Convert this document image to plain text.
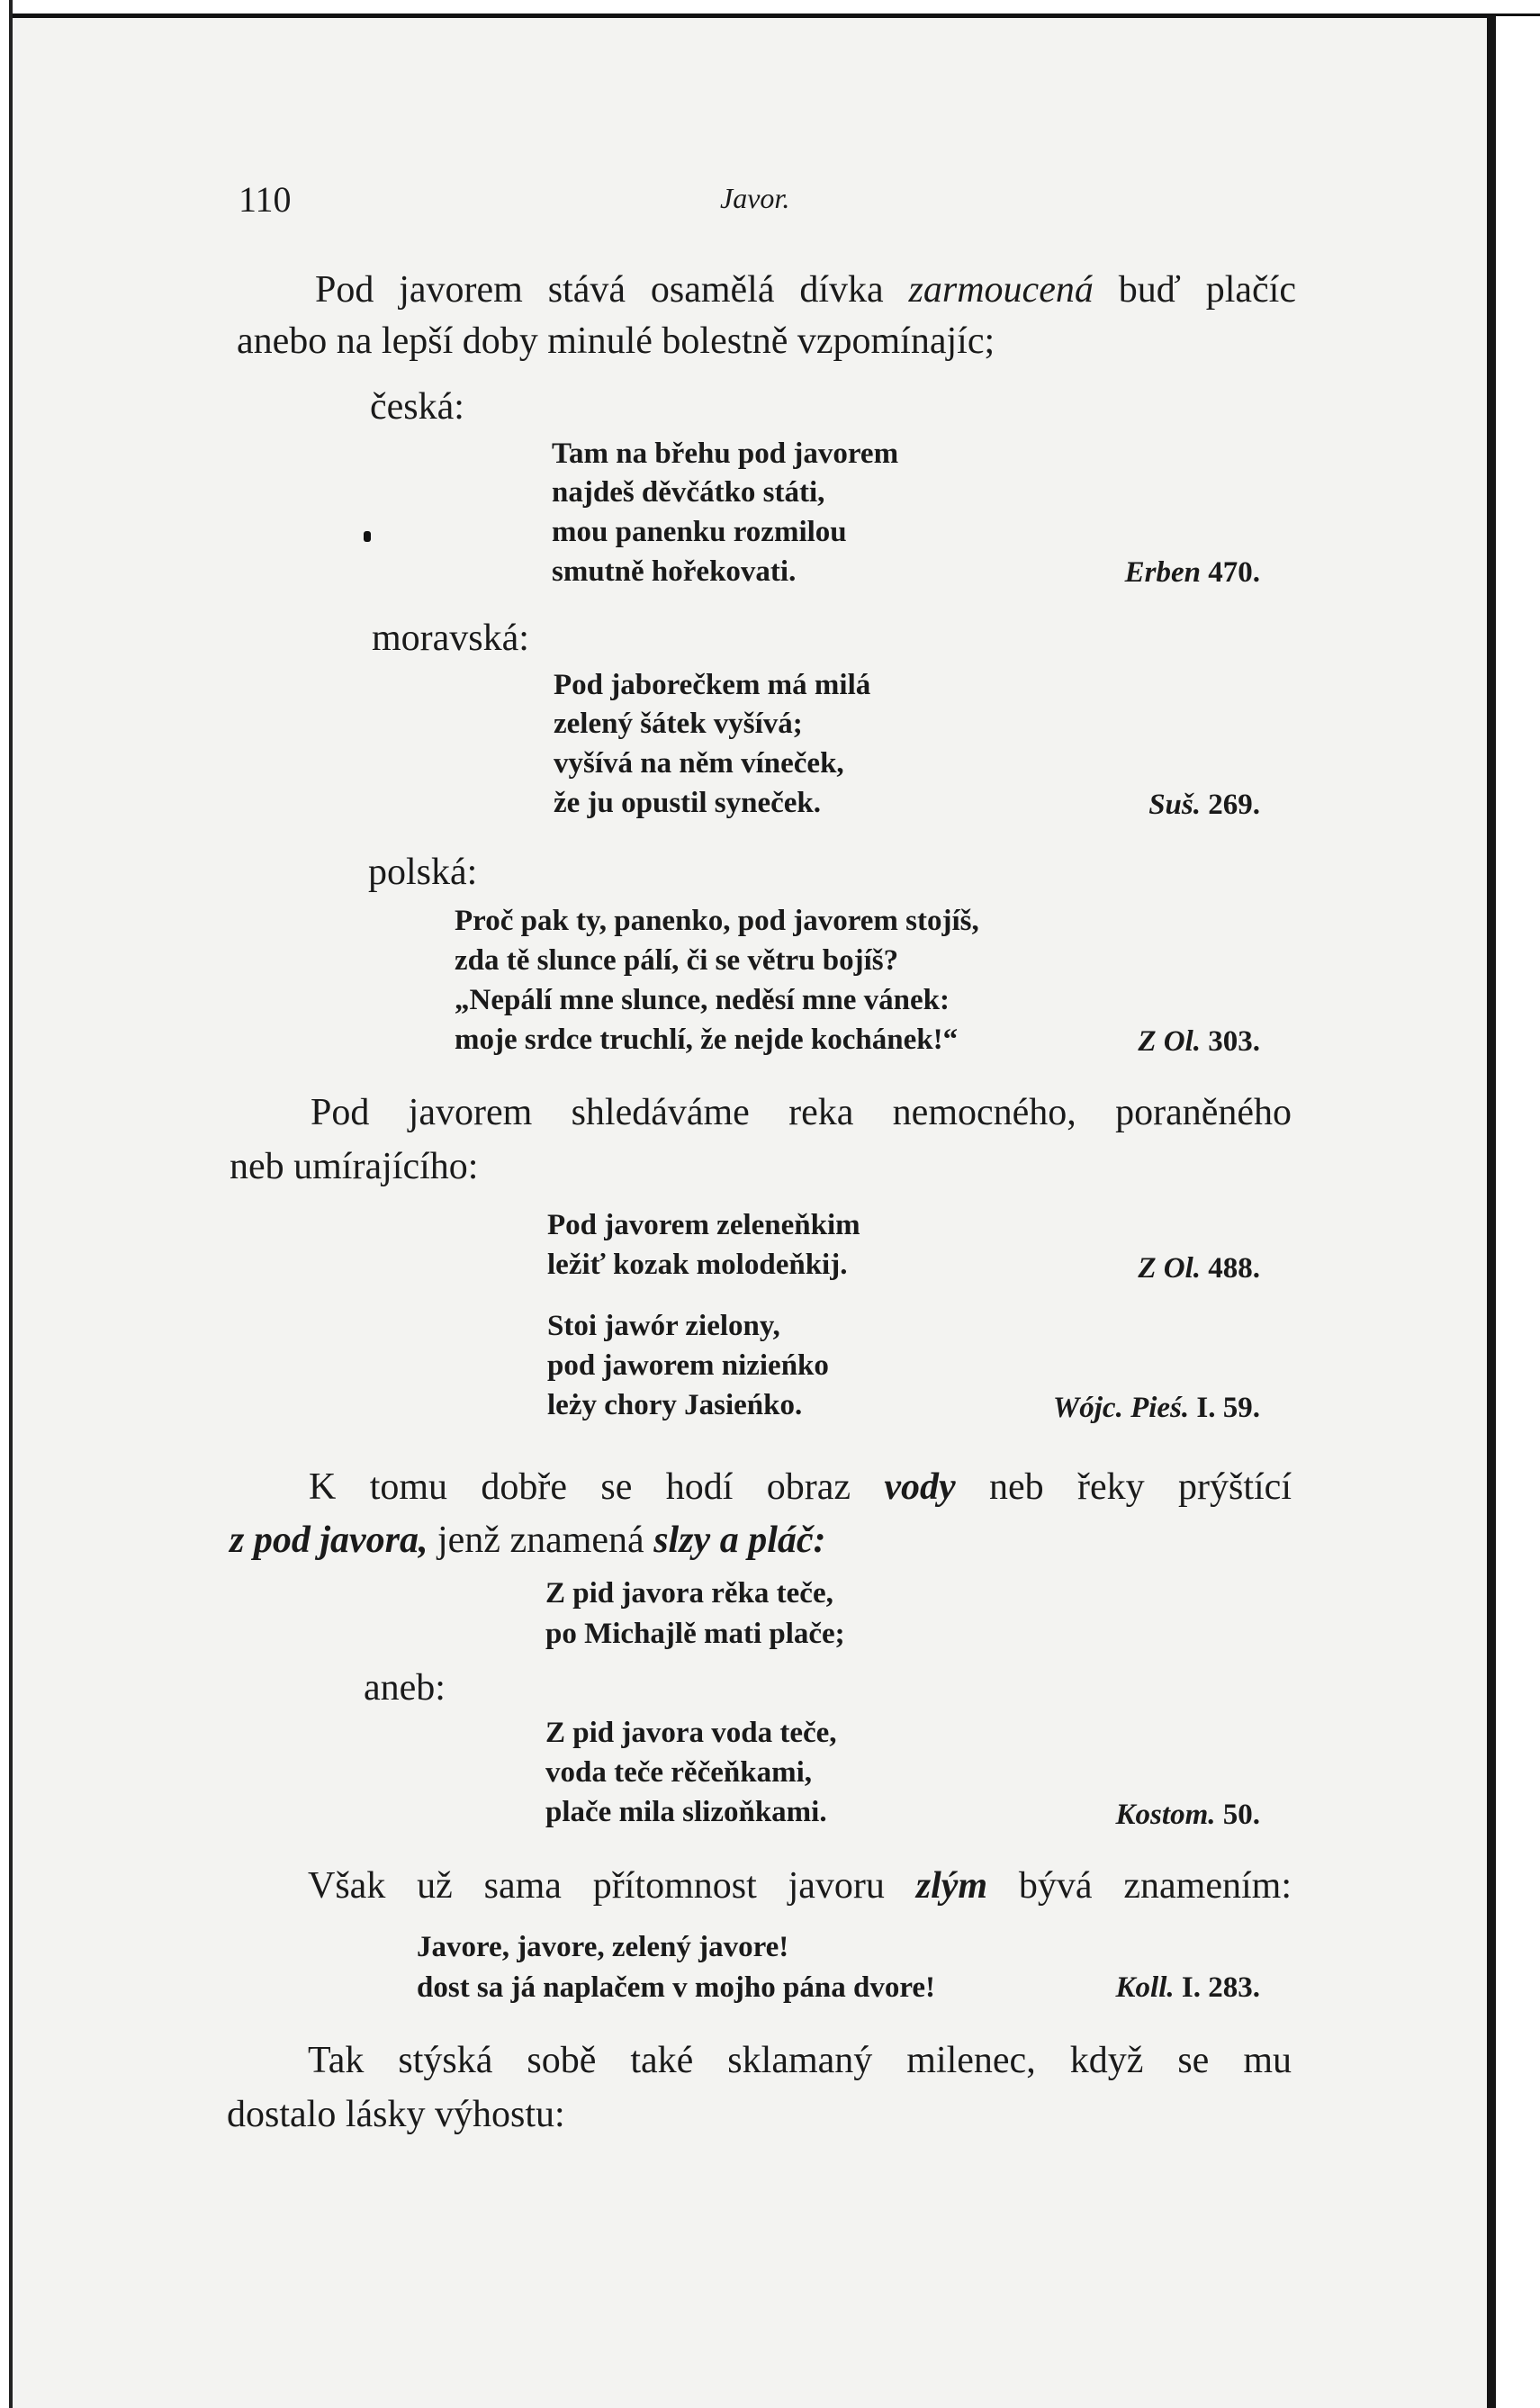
110	Javor.
Pod javorem stává osamělá dívka zarmoucená buď plačíc
anebo na lepší doby minulé bolestně vzpomínajíc;
česká:
Tam na břehu pod javorem
najdeš děvčátko státi,
mou panenku rozmilou
smutně hořekovati.	Erben 470.
moravská:
Pod jaborečkem má milá
zelený šátek vyšívá;
vyšívá na něm víneček,
že ju opustil syneček.	Suš. 269.
polská:
Proč pak ty, panenko, pod javorem stojíš,
zda tě slunce pálí, či se větru bojíš?
„Nepálí mne slunce, neděsí mne vánek:
moje srdce truchlí, že nejde kochánek!“	Z Ol. 303.
Pod javorem shledáváme reka nemocného, poraněného
neb umírajícího:
Pod javorem zeleneňkim
ležiť kozak molodeňkij.	Z Ol. 488.
Stoi jawór zielony,
pod jaworem nizieńko
leży chory Jasieńko.	Wójc. Pieś. I. 59.
K tomu dobře se hodí obraz vody neb řeky prýštící
z pod javora, jenž znamená slzy a pláč:
Z pid javora rěka teče,
po Michajlě mati plače;
aneb:
Z pid javora voda teče,
voda teče rěčeňkami,
plače mila slizoňkami.	Kostom. 50.
Však už sama přítomnost javoru zlým bývá znamením:
Javore, javore, zelený javore!
dost sa já naplačem v mojho pána dvore!	Koll. I. 283.
Tak stýská sobě také sklamaný milenec, když se mu
dostalo lásky výhostu:
